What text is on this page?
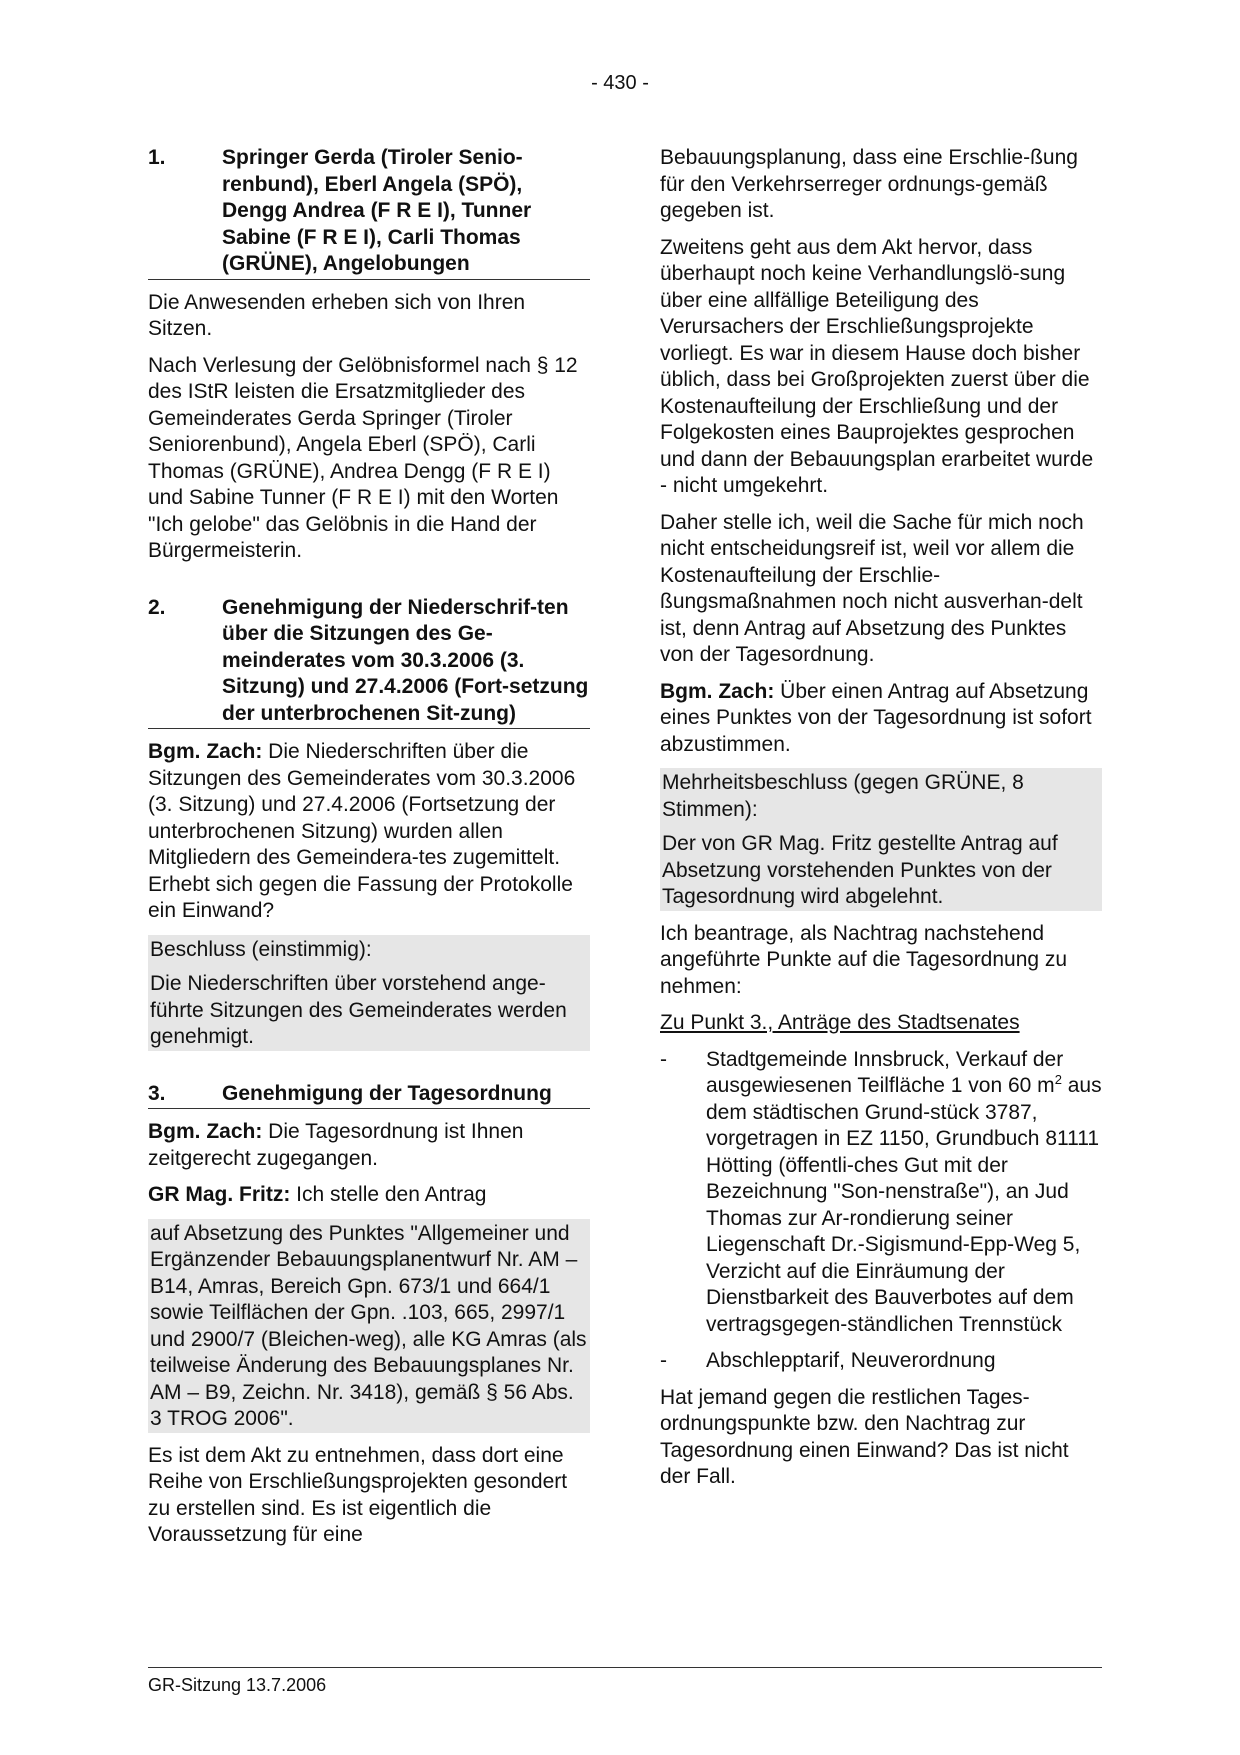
- 430 -
1.	Springer Gerda (Tiroler Senio-renbund), Eberl Angela (SPÖ), Dengg Andrea (F R E I), Tunner Sabine (F R E I), Carli Thomas (GRÜNE), Angelobungen

Die Anwesenden erheben sich von Ihren Sitzen.

Nach Verlesung der Gelöbnisformel nach § 12 des IStR leisten die Ersatzmitglieder des Gemeinderates Gerda Springer (Tiroler Seniorenbund), Angela Eberl (SPÖ), Carli Thomas (GRÜNE), Andrea Dengg (F R E I) und Sabine Tunner (F R E I) mit den Worten "Ich gelobe" das Gelöbnis in die Hand der Bürgermeisterin.

2.	Genehmigung der Niederschrif-ten über die Sitzungen des Ge-meinderates vom 30.3.2006 (3. Sitzung) und 27.4.2006 (Fort-setzung der unterbrochenen Sit-zung)

Bgm. Zach: Die Niederschriften über die Sitzungen des Gemeinderates vom 30.3.2006 (3. Sitzung) und 27.4.2006 (Fortsetzung der unterbrochenen Sitzung) wurden allen Mitgliedern des Gemeindera-tes zugemittelt. Erhebt sich gegen die Fassung der Protokolle ein Einwand?

Beschluss (einstimmig):

Die Niederschriften über vorstehend ange-führte Sitzungen des Gemeinderates werden genehmigt.

3.	Genehmigung der Tagesordnung

Bgm. Zach: Die Tagesordnung ist Ihnen zeitgerecht zugegangen.

GR Mag. Fritz: Ich stelle den Antrag

auf Absetzung des Punktes "Allgemeiner und Ergänzender Bebauungsplanentwurf Nr. AM – B14, Amras, Bereich Gpn. 673/1 und 664/1 sowie Teilflächen der Gpn. .103, 665, 2997/1 und 2900/7 (Bleichen-weg), alle KG Amras (als teilweise Änderung des Bebauungsplanes Nr. AM – B9, Zeichn. Nr. 3418), gemäß § 56 Abs. 3 TROG 2006".

Es ist dem Akt zu entnehmen, dass dort eine Reihe von Erschließungsprojekten gesondert zu erstellen sind. Es ist eigentlich die Voraussetzung für eine

Bebauungsplanung, dass eine Erschlie-ßung für den Verkehrserreger ordnungs-gemäß gegeben ist.

Zweitens geht aus dem Akt hervor, dass überhaupt noch keine Verhandlungslö-sung über eine allfällige Beteiligung des Verursachers der Erschließungsprojekte vorliegt. Es war in diesem Hause doch bisher üblich, dass bei Großprojekten zuerst über die Kostenaufteilung der Erschließung und der Folgekosten eines Bauprojektes gesprochen und dann der Bebauungsplan erarbeitet wurde - nicht umgekehrt.

Daher stelle ich, weil die Sache für mich noch nicht entscheidungsreif ist, weil vor allem die Kostenaufteilung der Erschlie-ßungsmaßnahmen noch nicht ausverhan-delt ist, denn Antrag auf Absetzung des Punktes von der Tagesordnung.

Bgm. Zach: Über einen Antrag auf Absetzung eines Punktes von der Tagesordnung ist sofort abzustimmen.

Mehrheitsbeschluss (gegen GRÜNE, 8 Stimmen):

Der von GR Mag. Fritz gestellte Antrag auf Absetzung vorstehenden Punktes von der Tagesordnung wird abgelehnt.

Ich beantrage, als Nachtrag nachstehend angeführte Punkte auf die Tagesordnung zu nehmen:

Zu Punkt 3., Anträge des Stadtsenates

-	Stadtgemeinde Innsbruck, Verkauf der ausgewiesenen Teilfläche 1 von 60 $m^2$ aus dem städtischen Grund-stück 3787, vorgetragen in EZ 1150, Grundbuch 81111 Hötting (öffentli-ches Gut mit der Bezeichnung "Son-nenstraße"), an Jud Thomas zur Ar-rondierung seiner Liegenschaft Dr.-Sigismund-Epp-Weg 5, Verzicht auf die Einräumung der Dienstbarkeit des Bauverbotes auf dem vertragsgegen-ständlichen Trennstück
-	Abschlepptarif, Neuverordnung

Hat jemand gegen die restlichen Tages-ordnungspunkte bzw. den Nachtrag zur Tagesordnung einen Einwand? Das ist nicht der Fall.

GR-Sitzung 13.7.2006
